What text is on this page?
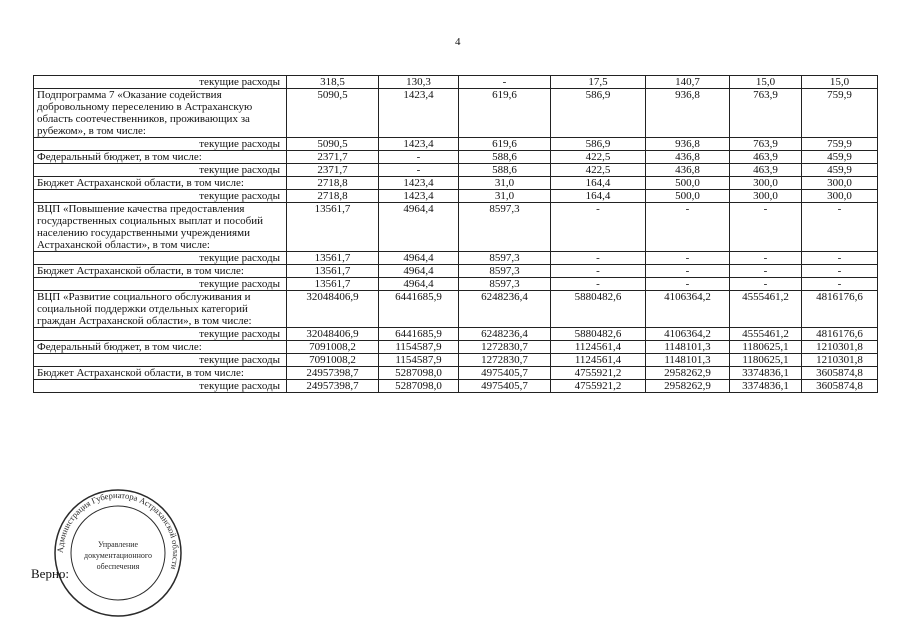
4
текущие расходы	318,5	130,3	-	17,5	140,7	15,0	15,0
Подпрограмма 7 «Оказание содействия добровольному переселению в Астраханскую область соотечественников, проживающих за рубежом», в том числе:	5090,5	1423,4	619,6	586,9	936,8	763,9	759,9
текущие расходы	5090,5	1423,4	619,6	586,9	936,8	763,9	759,9
Федеральный бюджет, в том числе:	2371,7	-	588,6	422,5	436,8	463,9	459,9
текущие расходы	2371,7	-	588,6	422,5	436,8	463,9	459,9
Бюджет Астраханской области, в том числе:	2718,8	1423,4	31,0	164,4	500,0	300,0	300,0
текущие расходы	2718,8	1423,4	31,0	164,4	500,0	300,0	300,0
ВЦП «Повышение качества предоставления государственных социальных выплат и пособий населению государственными учреждениями Астраханской области», в том числе:	13561,7	4964,4	8597,3	-	-	-	-
текущие расходы	13561,7	4964,4	8597,3	-	-	-	-
Бюджет Астраханской области, в том числе:	13561,7	4964,4	8597,3	-	-	-	-
текущие расходы	13561,7	4964,4	8597,3	-	-	-	-
ВЦП «Развитие социального обслуживания и социальной поддержки отдельных категорий граждан Астраханской области», в том числе:	32048406,9	6441685,9	6248236,4	5880482,6	4106364,2	4555461,2	4816176,6
текущие расходы	32048406,9	6441685,9	6248236,4	5880482,6	4106364,2	4555461,2	4816176,6
Федеральный бюджет, в том числе:	7091008,2	1154587,9	1272830,7	1124561,4	1148101,3	1180625,1	1210301,8
текущие расходы	7091008,2	1154587,9	1272830,7	1124561,4	1148101,3	1180625,1	1210301,8
Бюджет Астраханской области, в том числе:	24957398,7	5287098,0	4975405,7	4755921,2	2958262,9	3374836,1	3605874,8
текущие расходы	24957398,7	5287098,0	4975405,7	4755921,2	2958262,9	3374836,1	3605874,8
Администрация Губернатора Астраханской области
Управление
документационного
обеспечения
Верно:
